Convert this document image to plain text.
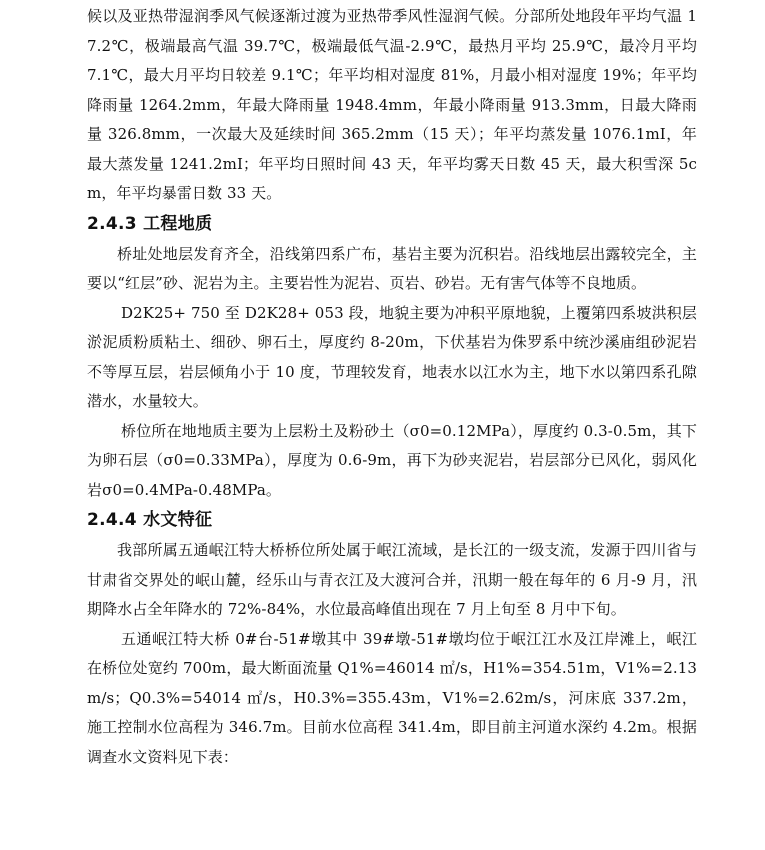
候以及亚热带湿润季风气候逐渐过渡为亚热带季风性湿润气候。分部所处地段年平均气温 17.2℃，极端最高气温 39.7℃，极端最低气温-2.9℃，最热月平均 25.9℃，最冷月平均 7.1℃，最大月平均日较差 9.1℃；年平均相对湿度 81%，月最小相对湿度 19%；年平均降雨量 1264.2mm，年最大降雨量 1948.4mm，年最小降雨量 913.3mm，日最大降雨量 326.8mm，一次最大及延续时间 365.2mm（15 天）；年平均蒸发量 1076.1mI，年最大蒸发量 1241.2mI；年平均日照时间 43 天，年平均雾天日数 45 天，最大积雪深 5cm，年平均暴雷日数 33 天。

2.4.3 工程地质

桥址处地层发育齐全，沿线第四系广布，基岩主要为沉积岩。沿线地层出露较完全，主要以“红层”砂、泥岩为主。主要岩性为泥岩、页岩、砂岩。无有害气体等不良地质。

D2K25+ 750 至 D2K28+ 053 段，地貌主要为冲积平原地貌，上覆第四系坡洪积层淤泥质粉质粘土、细砂、卵石土，厚度约 8-20m，下伏基岩为侏罗系中统沙溪庙组砂泥岩不等厚互层，岩层倾角小于 10 度，节理较发育，地表水以江水为主，地下水以第四系孔隙潜水，水量较大。

桥位所在地地质主要为上层粉土及粉砂土（σ0=0.12MPa），厚度约 0.3-0.5m，其下为卵石层（σ0=0.33MPa），厚度为 0.6-9m，再下为砂夹泥岩，岩层部分已风化，弱风化岩σ0=0.4MPa-0.48MPa。

2.4.4 水文特征

我部所属五通岷江特大桥桥位所处属于岷江流域，是长江的一级支流，发源于四川省与甘肃省交界处的岷山麓，经乐山与青衣江及大渡河合并，汛期一般在每年的 6 月-9 月，汛期降水占全年降水的 72%-84%，水位最高峰值出现在 7 月上旬至 8 月中下旬。

五通岷江特大桥 0#台-51#墩其中 39#墩-51#墩均位于岷江江水及江岸滩上，岷江在桥位处宽约 700m，最大断面流量 Q1%=46014 ㎡/s，H1%=354.51m，V1%=2.13m/s；Q0.3%=54014 ㎡/s，H0.3%=355.43m，V1%=2.62m/s，河床底 337.2m，施工控制水位高程为 346.7m。目前水位高程 341.4m，即目前主河道水深约 4.2m。根据调查水文资料见下表：
